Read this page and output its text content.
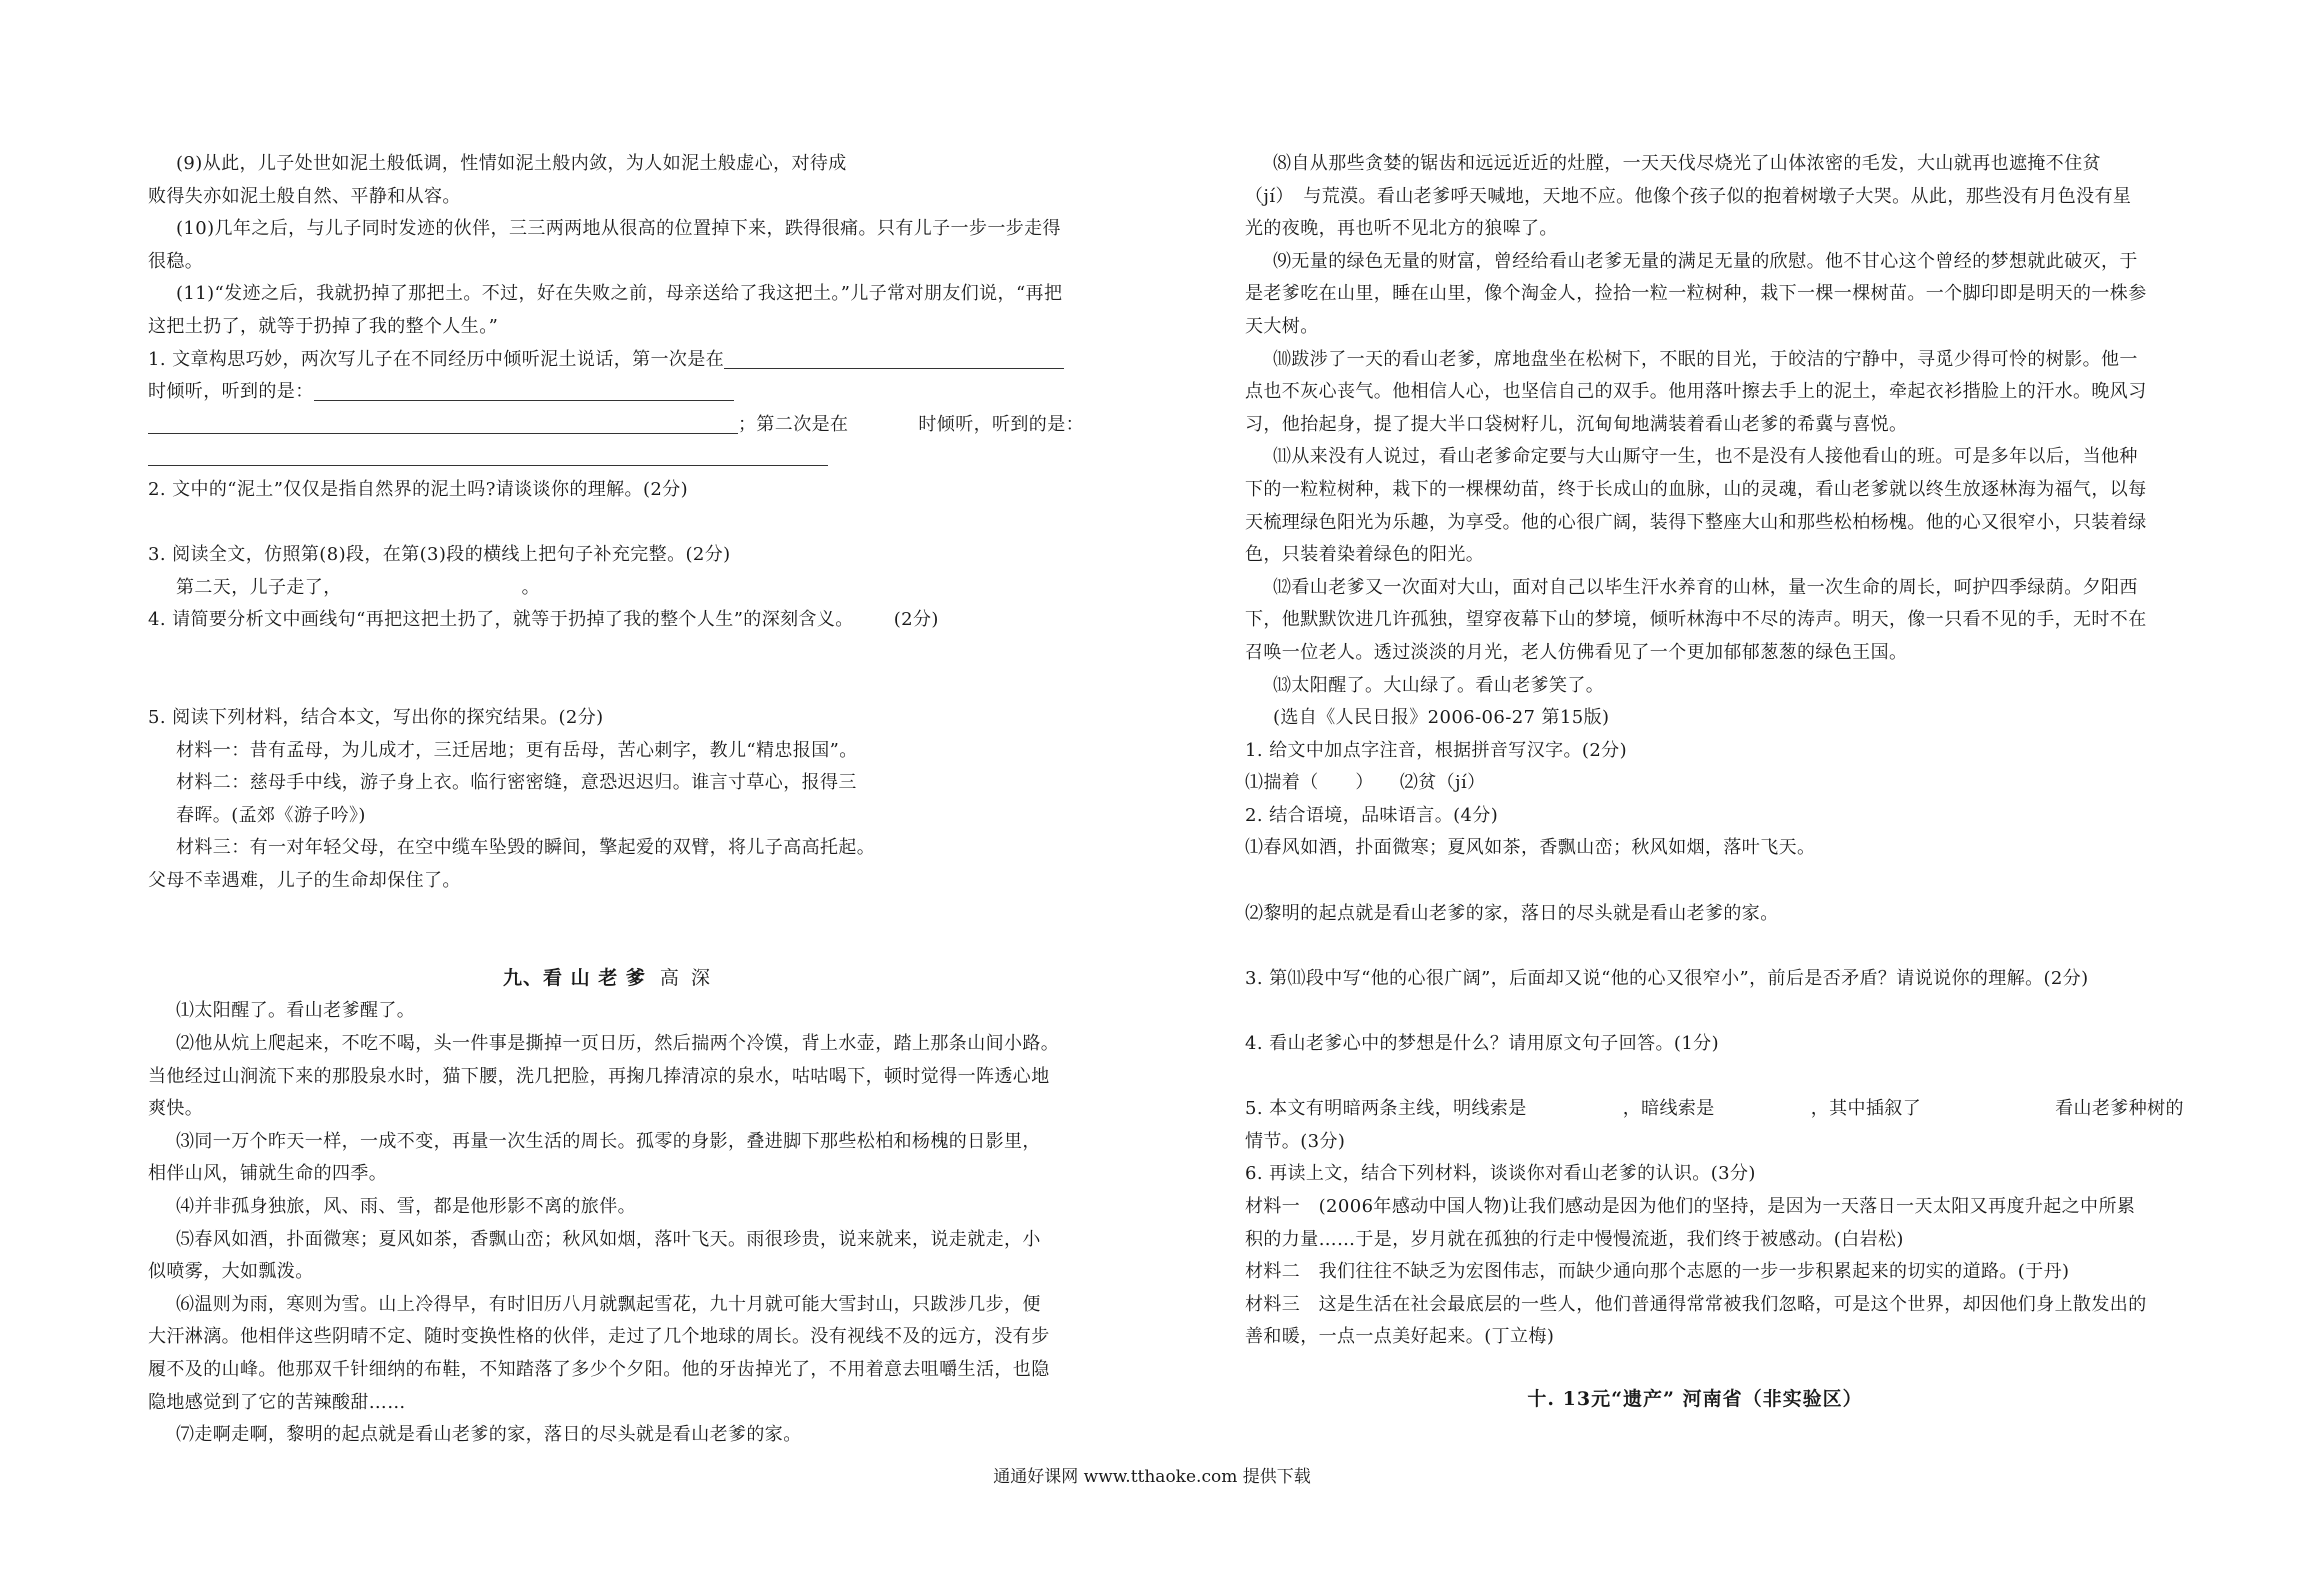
(9)从此，儿子处世如泥土般低调，性情如泥土般内敛，为人如泥土般虚心，对待成
败得失亦如泥土般自然、平静和从容。
(10)几年之后，与儿子同时发迹的伙伴，三三两两地从很高的位置掉下来，跌得很痛。只有儿子一步一步走得
很稳。
(11)“发迹之后，我就扔掉了那把土。不过，好在失败之前，母亲送给了我这把土。”儿子常对朋友们说，“再把
这把土扔了，就等于扔掉了我的整个人生。”
1. 文章构思巧妙，两次写儿子在不同经历中倾听泥土说话，第一次是在
时倾听，听到的是：
；第二次是在	时倾听，听到的是：
2. 文中的“泥土”仅仅是指自然界的泥土吗?请谈谈你的理解。(2分)
3. 阅读全文，仿照第(8)段，在第(3)段的横线上把句子补充完整。(2分)
第二天，儿子走了，	。
4. 请简要分析文中画线句“再把这把土扔了，就等于扔掉了我的整个人生”的深刻含义。 (2分)
5. 阅读下列材料，结合本文，写出你的探究结果。(2分)
材料一：昔有孟母，为儿成才，三迁居地；更有岳母，苦心刺字，教儿“精忠报国”。
材料二：慈母手中线，游子身上衣。临行密密缝，意恐迟迟归。谁言寸草心，报得三
春晖。(孟郊《游子吟》)
材料三：有一对年轻父母，在空中缆车坠毁的瞬间，擎起爱的双臂，将儿子高高托起。
父母不幸遇难，儿子的生命却保住了。
九、看 山 老 爹 高 深
⑴太阳醒了。看山老爹醒了。
⑵他从炕上爬起来，不吃不喝，头一件事是撕掉一页日历，然后揣两个冷馍，背上水壶，踏上那条山间小路。
当他经过山涧流下来的那股泉水时，猫下腰，洗几把脸，再掬几捧清凉的泉水，咕咕喝下，顿时觉得一阵透心地
爽快。
⑶同一万个昨天一样，一成不变，再量一次生活的周长。孤零的身影，叠进脚下那些松柏和杨槐的日影里，
相伴山风，铺就生命的四季。
⑷并非孤身独旅，风、雨、雪，都是他形影不离的旅伴。
⑸春风如酒，扑面微寒；夏风如茶，香飘山峦；秋风如烟，落叶飞天。雨很珍贵，说来就来，说走就走，小
似喷雾，大如瓢泼。
⑹温则为雨，寒则为雪。山上冷得早，有时旧历八月就飘起雪花，九十月就可能大雪封山，只跋涉几步，便
大汗淋漓。他相伴这些阴晴不定、随时变换性格的伙伴，走过了几个地球的周长。没有视线不及的远方，没有步
履不及的山峰。他那双千针细纳的布鞋，不知踏落了多少个夕阳。他的牙齿掉光了，不用着意去咀嚼生活，也隐
隐地感觉到了它的苦辣酸甜……
⑺走啊走啊，黎明的起点就是看山老爹的家，落日的尽头就是看山老爹的家。
⑻自从那些贪婪的锯齿和远远近近的灶膛，一天天伐尽烧光了山体浓密的毛发，大山就再也遮掩不住贫
（jí）　与荒漠。看山老爹呼天喊地，天地不应。他像个孩子似的抱着树墩子大哭。从此，那些没有月色没有星
光的夜晚，再也听不见北方的狼嗥了。
⑼无量的绿色无量的财富，曾经给看山老爹无量的满足无量的欣慰。他不甘心这个曾经的梦想就此破灭，于
是老爹吃在山里，睡在山里，像个淘金人，捡拾一粒一粒树种，栽下一棵一棵树苗。一个脚印即是明天的一株参
天大树。
⑽跋涉了一天的看山老爹，席地盘坐在松树下，不眠的目光，于皎洁的宁静中，寻觅少得可怜的树影。他一
点也不灰心丧气。他相信人心，也坚信自己的双手。他用落叶擦去手上的泥土，牵起衣衫揩脸上的汗水。晚风习
习，他抬起身，提了提大半口袋树籽儿，沉甸甸地满装着看山老爹的希冀与喜悦。
⑾从来没有人说过，看山老爹命定要与大山厮守一生，也不是没有人接他看山的班。可是多年以后，当他种
下的一粒粒树种，栽下的一棵棵幼苗，终于长成山的血脉，山的灵魂，看山老爹就以终生放逐林海为福气，以每
天梳理绿色阳光为乐趣，为享受。他的心很广阔，装得下整座大山和那些松柏杨槐。他的心又很窄小，只装着绿
色，只装着染着绿色的阳光。
⑿看山老爹又一次面对大山，面对自己以毕生汗水养育的山林，量一次生命的周长，呵护四季绿荫。夕阳西
下，他默默饮进几许孤独，望穿夜幕下山的梦境，倾听林海中不尽的涛声。明天，像一只看不见的手，无时不在
召唤一位老人。透过淡淡的月光，老人仿佛看见了一个更加郁郁葱葱的绿色王国。
⒀太阳醒了。大山绿了。看山老爹笑了。
(选自《人民日报》2006-06-27 第15版)
1. 给文中加点字注音，根据拼音写汉字。(2分)
⑴揣着（　　） ⑵贫（jí）
2. 结合语境，品味语言。(4分)
⑴春风如酒，扑面微寒；夏风如茶，香飘山峦；秋风如烟，落叶飞天。
⑵黎明的起点就是看山老爹的家，落日的尽头就是看山老爹的家。
3. 第⑾段中写“他的心很广阔”，后面却又说“他的心又很窄小”，前后是否矛盾？请说说你的理解。(2分)
4. 看山老爹心中的梦想是什么？请用原文句子回答。(1分)
5. 本文有明暗两条主线，明线索是	，暗线索是	，其中插叙了	看山老爹种树的
情节。(3分)
6. 再读上文，结合下列材料，谈谈你对看山老爹的认识。(3分)
材料一　(2006年感动中国人物)让我们感动是因为他们的坚持，是因为一天落日一天太阳又再度升起之中所累
积的力量……于是，岁月就在孤独的行走中慢慢流逝，我们终于被感动。(白岩松)
材料二　我们往往不缺乏为宏图伟志，而缺少通向那个志愿的一步一步积累起来的切实的道路。(于丹)
材料三　这是生活在社会最底层的一些人，他们普通得常常被我们忽略，可是这个世界，却因他们身上散发出的
善和暖，一点一点美好起来。(丁立梅)
十. 13元“遗产” 河南省（非实验区）
通通好课网 www.tthaoke.com 提供下载
